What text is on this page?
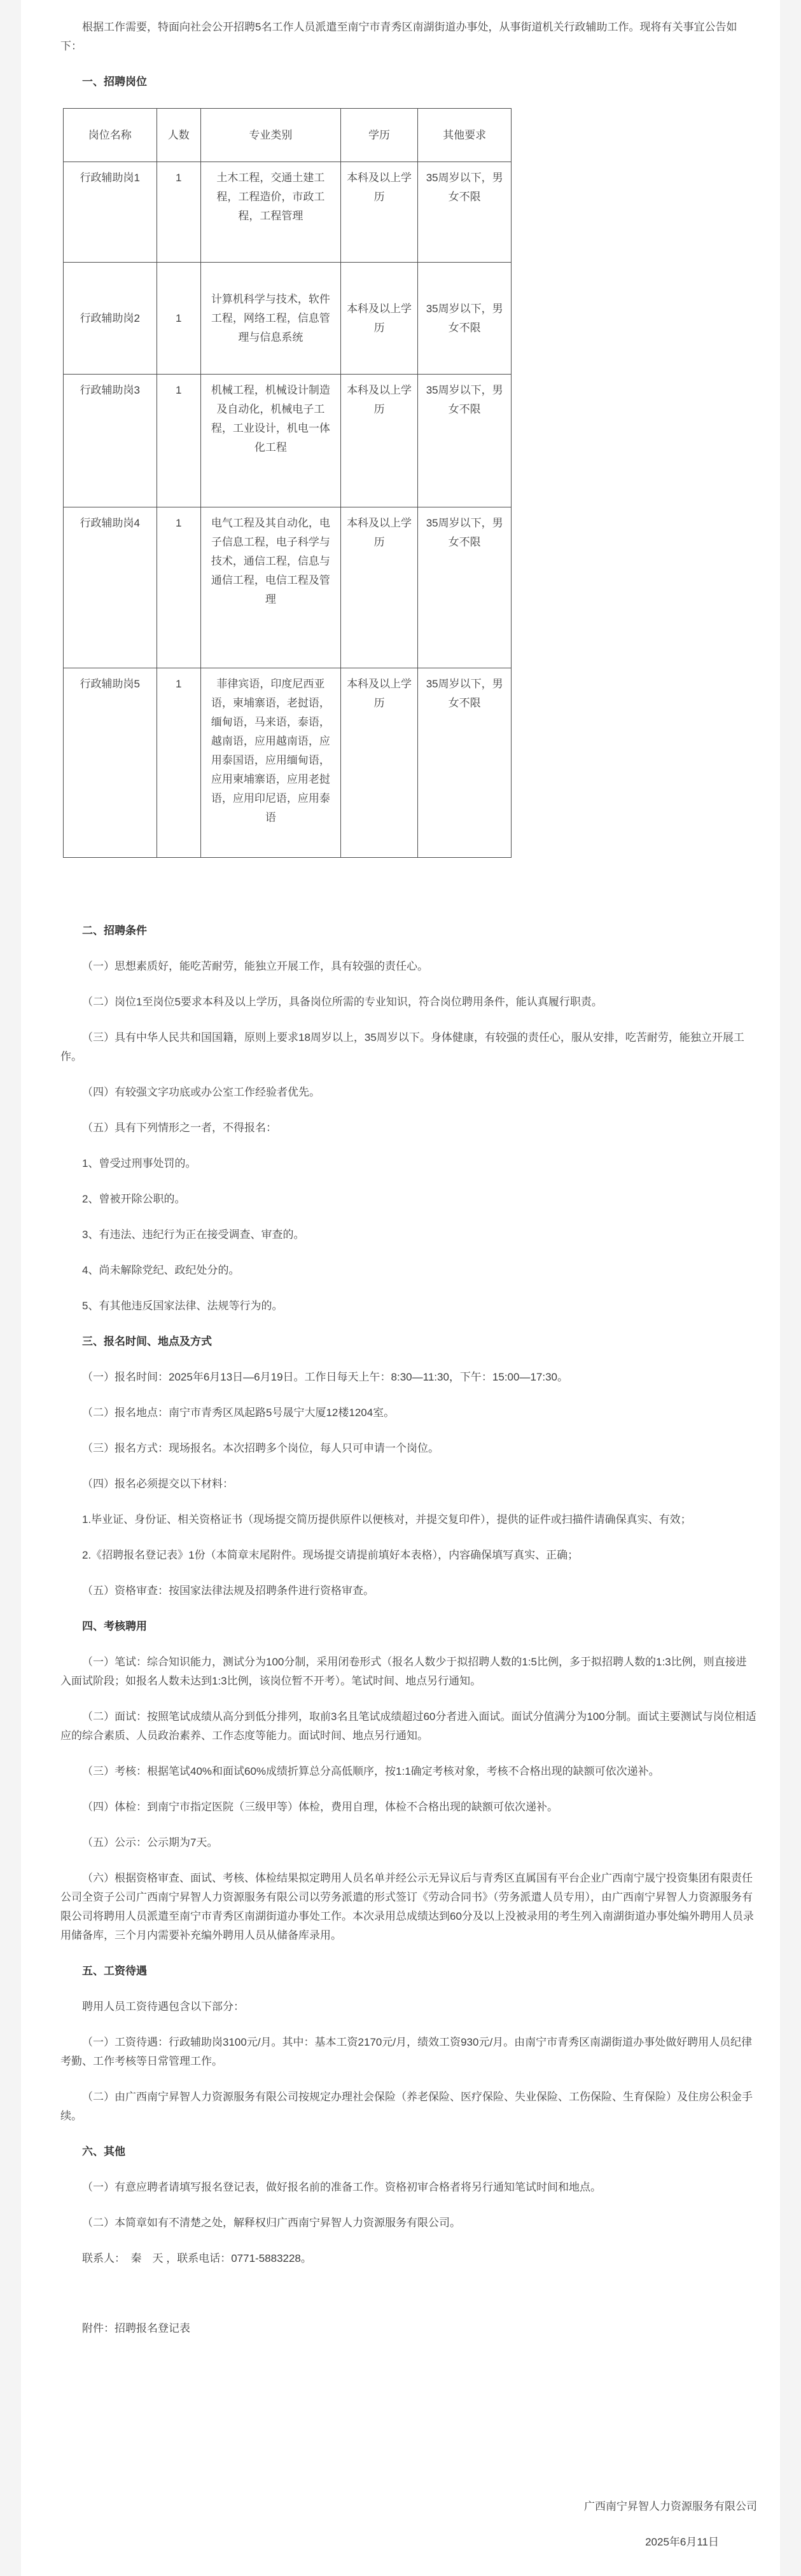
根据工作需要，特面向社会公开招聘5名工作人员派遣至南宁市青秀区南湖街道办事处，从事街道机关行政辅助工作。现将有关事宜公告如下：

一、招聘岗位
岗位名称	人数	专业类别	学历	其他要求
行政辅助岗1	1	土木工程，交通土建工程，工程造价，市政工程，工程管理	本科及以上学历	35周岁以下，男女不限
行政辅助岗2	1	计算机科学与技术，软件工程，网络工程，信息管理与信息系统	本科及以上学历	35周岁以下，男女不限
行政辅助岗3	1	机械工程，机械设计制造及自动化，机械电子工程，工业设计，机电一体化工程	本科及以上学历	35周岁以下，男女不限
行政辅助岗4	1	电气工程及其自动化，电子信息工程，电子科学与技术，通信工程，信息与通信工程，电信工程及管理	本科及以上学历	35周岁以下，男女不限
行政辅助岗5	1	菲律宾语，印度尼西亚语，柬埔寨语，老挝语，缅甸语，马来语，泰语，越南语，应用越南语，应用泰国语，应用缅甸语，应用柬埔寨语，应用老挝语，应用印尼语，应用泰语	本科及以上学历	35周岁以下，男女不限
二、招聘条件

（一）思想素质好，能吃苦耐劳，能独立开展工作，具有较强的责任心。

（二）岗位1至岗位5要求本科及以上学历，具备岗位所需的专业知识，符合岗位聘用条件，能认真履行职责。

（三）具有中华人民共和国国籍，原则上要求18周岁以上，35周岁以下。身体健康，有较强的责任心，服从安排，吃苦耐劳，能独立开展工作。

（四）有较强文字功底或办公室工作经验者优先。

（五）具有下列情形之一者，不得报名：

1、曾受过刑事处罚的。

2、曾被开除公职的。

3、有违法、违纪行为正在接受调查、审查的。

4、尚未解除党纪、政纪处分的。

5、有其他违反国家法律、法规等行为的。

三、报名时间、地点及方式

（一）报名时间：2025年6月13日—6月19日。工作日每天上午：8:30—11:30，下午：15:00—17:30。

（二）报名地点：南宁市青秀区凤起路5号晟宁大厦12楼1204室。

（三）报名方式：现场报名。本次招聘多个岗位，每人只可申请一个岗位。

（四）报名必须提交以下材料：

1.毕业证、身份证、相关资格证书（现场提交简历提供原件以便核对，并提交复印件），提供的证件或扫描件请确保真实、有效；

2.《招聘报名登记表》1份（本简章末尾附件。现场提交请提前填好本表格），内容确保填写真实、正确；

（五）资格审查：按国家法律法规及招聘条件进行资格审查。

四、考核聘用

（一）笔试：综合知识能力，测试分为100分制，采用闭卷形式（报名人数少于拟招聘人数的1:5比例，多于拟招聘人数的1:3比例，则直接进入面试阶段；如报名人数未达到1:3比例，该岗位暂不开考）。笔试时间、地点另行通知。

（二）面试：按照笔试成绩从高分到低分排列，取前3名且笔试成绩超过60分者进入面试。面试分值满分为100分制。面试主要测试与岗位相适应的综合素质、人员政治素养、工作态度等能力。面试时间、地点另行通知。

（三）考核：根据笔试40%和面试60%成绩折算总分高低顺序，按1:1确定考核对象，考核不合格出现的缺额可依次递补。

（四）体检：到南宁市指定医院（三级甲等）体检，费用自理，体检不合格出现的缺额可依次递补。

（五）公示：公示期为7天。

（六）根据资格审查、面试、考核、体检结果拟定聘用人员名单并经公示无异议后与青秀区直属国有平台企业广西南宁晟宁投资集团有限责任公司全资子公司广西南宁昇智人力资源服务有限公司以劳务派遣的形式签订《劳动合同书》（劳务派遣人员专用），由广西南宁昇智人力资源服务有限公司将聘用人员派遣至南宁市青秀区南湖街道办事处工作。本次录用总成绩达到60分及以上没被录用的考生列入南湖街道办事处编外聘用人员录用储备库，三个月内需要补充编外聘用人员从储备库录用。

五、工资待遇

聘用人员工资待遇包含以下部分：

（一）工资待遇：行政辅助岗3100元/月。其中：基本工资2170元/月，绩效工资930元/月。由南宁市青秀区南湖街道办事处做好聘用人员纪律考勤、工作考核等日常管理工作。

（二）由广西南宁昇智人力资源服务有限公司按规定办理社会保险（养老保险、医疗保险、失业保险、工伤保险、生育保险）及住房公积金手续。

六、其他

（一）有意应聘者请填写报名登记表，做好报名前的准备工作。资格初审合格者将另行通知笔试时间和地点。

（二）本简章如有不清楚之处，解释权归广西南宁昇智人力资源服务有限公司。

联系人：　秦　天 ，联系电话：0771-5883228。

附件：招聘报名登记表

广西南宁昇智人力资源服务有限公司

2025年6月11日
